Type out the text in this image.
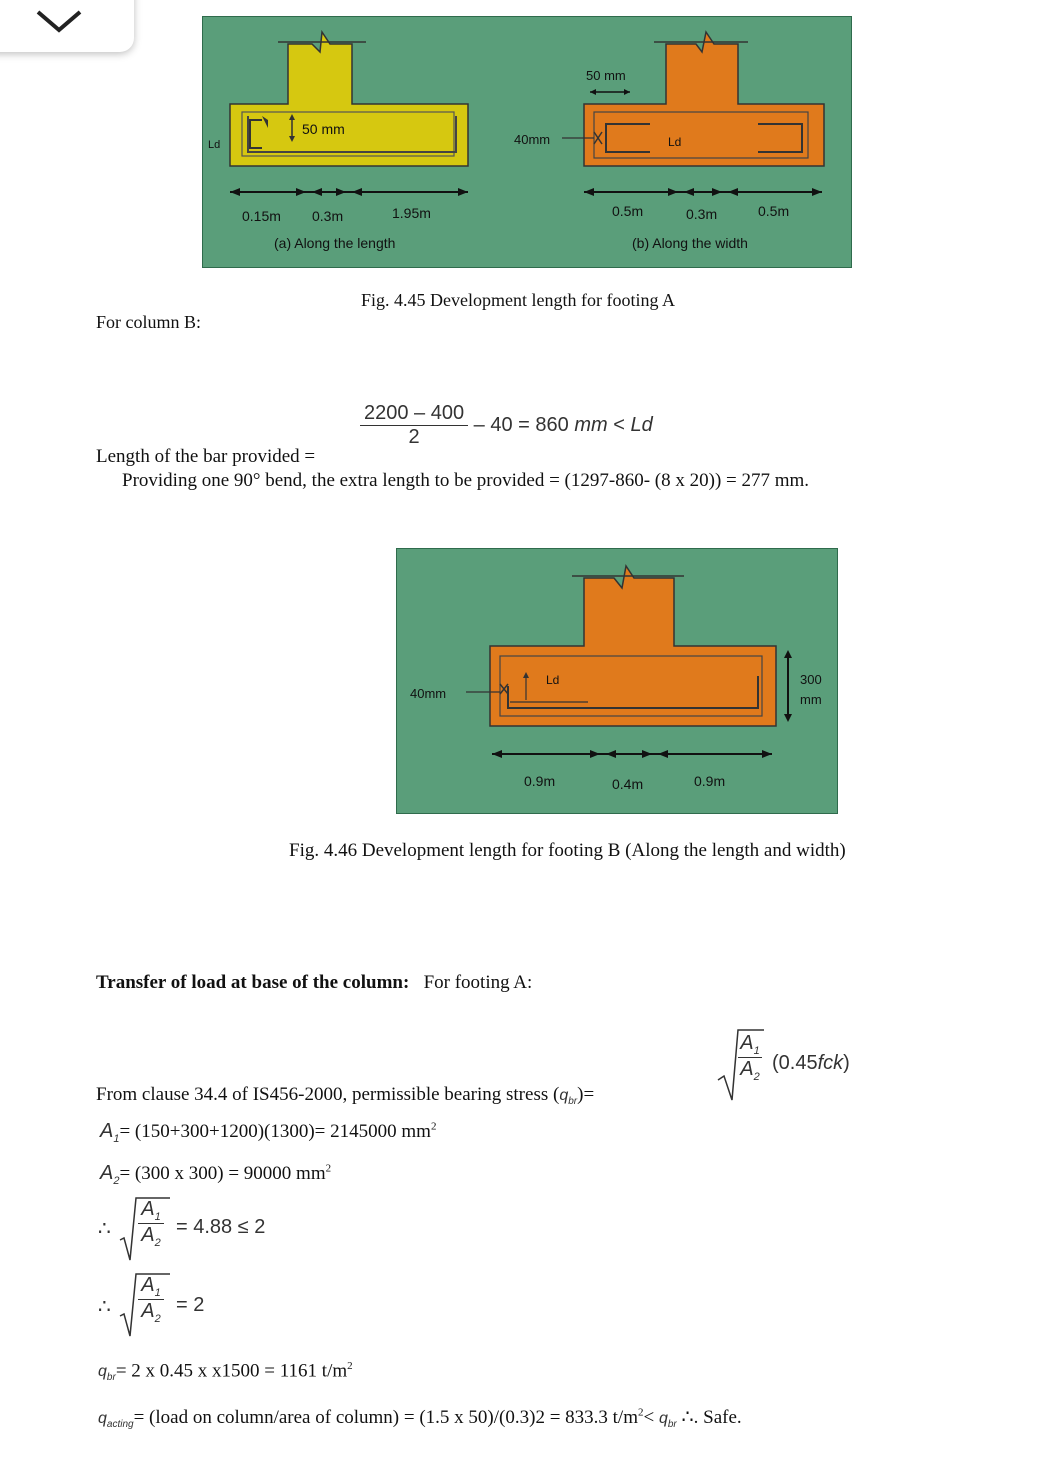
50 mm
Ld
0.15m 0.3m	1.95m
(a) Along the length
40mm	Ld
50 mm
0.5m	0.3m	0.5m
(b) Along the width
Fig. 4.45 Development length for footing A
For column B:
$\frac{2200 - 400}{2} - 40 = 860$ mm < Ld
Length of the bar provided =
Providing one 90° bend, the extra length to be provided = (1297-860- (8 x 20)) = 277 mm.
40mm
Ld	300
mm
0.9m	0.4m	0.9m
Fig. 4.46 Development length for footing B (Along the length and width)
Transfer of load at base of the column: For footing A:
From clause 34.4 of IS456-2000, permissible bearing stress $(q_{br})=$
$A_1$
$A_2$
(0.45fck)
$A_1= (150+300+1200)(1300)= 2145000$ $mm^2$
$A_2= (300$ x 300) = 90000 $mm^2$
∴
$A_1$
$A_2$
= 4.88 ≤ 2
∴
$A_1$
$A_2$
= 2
$q_{br}= 2$ x 0.45 x x1500 = 1161 $t/m^2$
$q_{acting}=$ (load on column/area of column) = (1.5 x 50)/(0.3)2 = 833.3 $t/m^2< q_{br}$ ∴. Safe.
